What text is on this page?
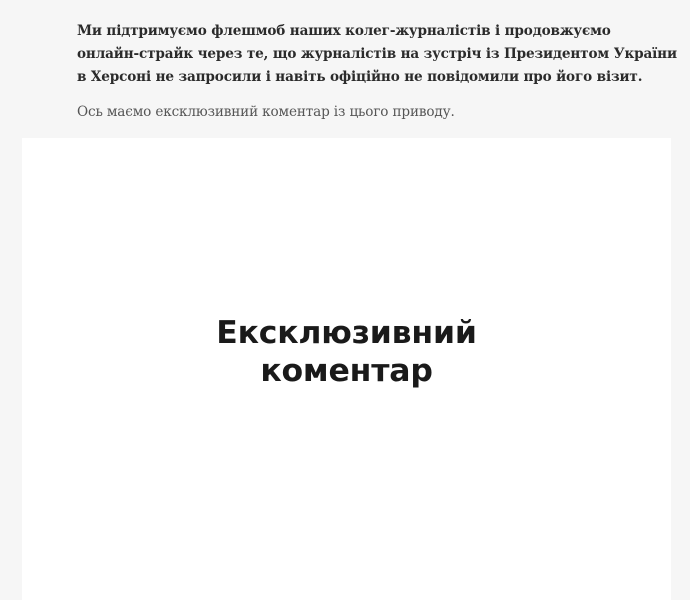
Ми підтримуємо флешмоб наших колег-журналістів і продовжуємо
онлайн-страйк через те, що журналістів на зустріч із Президентом України
в Херсоні не запросили і навіть офіційно не повідомили про його візит.

Ось маємо ексклюзивний коментар із цього приводу.

Ексклюзивний
коментар
